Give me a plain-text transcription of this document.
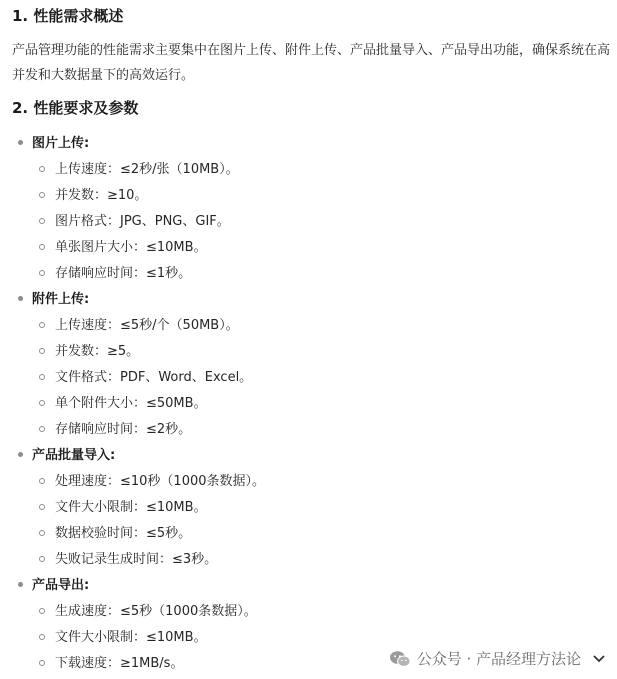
1. 性能需求概述

产品管理功能的性能需求主要集中在图片上传、附件上传、产品批量导入、产品导出功能，确保系统在高并发和大数据量下的高效运行。

2. 性能要求及参数
图片上传:
上传速度：≤2秒/张（10MB）。
并发数：≥10。
图片格式：JPG、PNG、GIF。
单张图片大小：≤10MB。
存储响应时间：≤1秒。
附件上传:
上传速度：≤5秒/个（50MB）。
并发数：≥5。
文件格式：PDF、Word、Excel。
单个附件大小：≤50MB。
存储响应时间：≤2秒。
产品批量导入:
处理速度：≤10秒（1000条数据）。
文件大小限制：≤10MB。
数据校验时间：≤5秒。
失败记录生成时间：≤3秒。
产品导出:
生成速度：≤5秒（1000条数据）。
文件大小限制：≤10MB。
下载速度：≥1MB/s。	公众号 · 产品经理方法论
